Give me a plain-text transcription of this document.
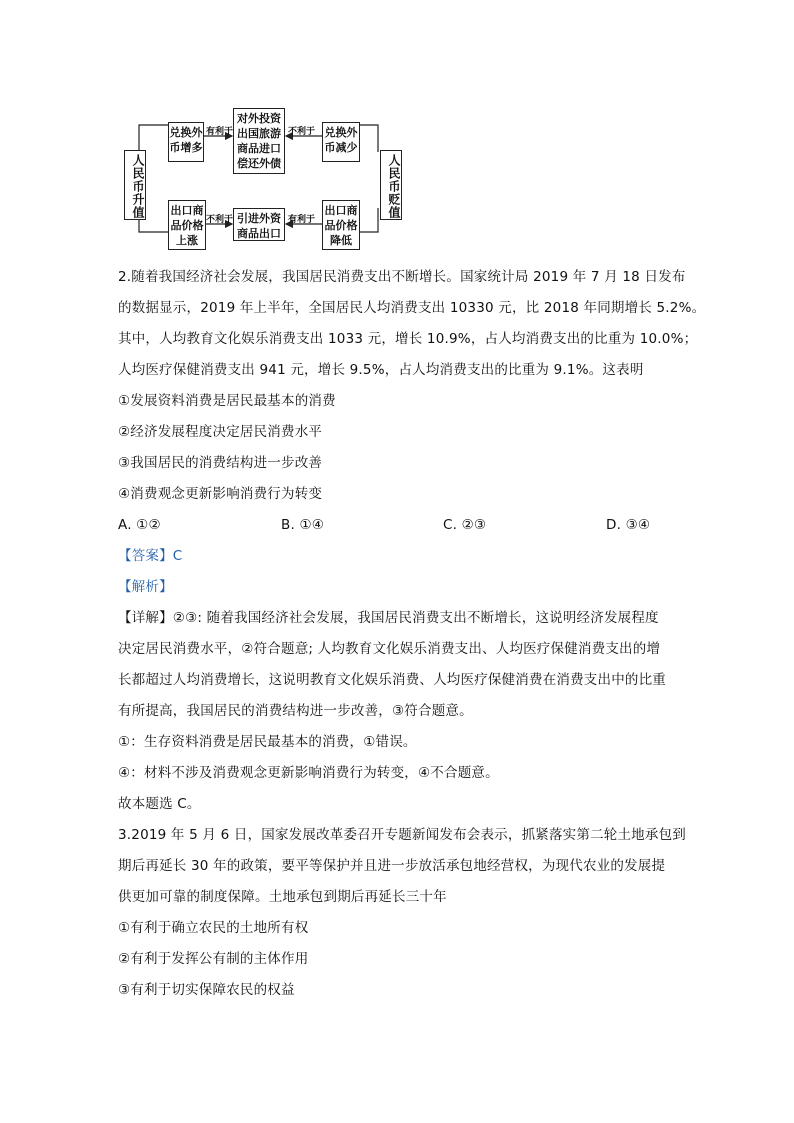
人民币升值	人民币贬值
兑换外币增多
对外投资出国旅游商品进口偿还外债
兑换外币减少
出口商品价格上涨
引进外资商品出口
出口商品价格降低
有利于	不利于
不利于	有利于
2.随着我国经济社会发展，我国居民消费支出不断增长。国家统计局 2019 年 7 月 18 日发布
的数据显示，2019 年上半年，全国居民人均消费支出 10330 元，比 2018 年同期增长 5.2%。
其中，人均教育文化娱乐消费支出 1033 元，增长 10.9%，占人均消费支出的比重为 10.0%；
人均医疗保健消费支出 941 元，增长 9.5%，占人均消费支出的比重为 9.1%。这表明
①发展资料消费是居民最基本的消费
②经济发展程度决定居民消费水平
③我国居民的消费结构进一步改善
④消费观念更新影响消费行为转变
A. ①②	B. ①④	C. ②③	D. ③④
【答案】C
【解析】
【详解】②③: 随着我国经济社会发展，我国居民消费支出不断增长，这说明经济发展程度
决定居民消费水平，②符合题意; 人均教育文化娱乐消费支出、人均医疗保健消费支出的增
长都超过人均消费增长，这说明教育文化娱乐消费、人均医疗保健消费在消费支出中的比重
有所提高，我国居民的消费结构进一步改善，③符合题意。
①：生存资料消费是居民最基本的消费，①错误。
④：材料不涉及消费观念更新影响消费行为转变，④不合题意。
故本题选 C。
3.2019 年 5 月 6 日，国家发展改革委召开专题新闻发布会表示，抓紧落实第二轮土地承包到
期后再延长 30 年的政策，要平等保护并且进一步放活承包地经营权，为现代农业的发展提
供更加可靠的制度保障。土地承包到期后再延长三十年
①有利于确立农民的土地所有权
②有利于发挥公有制的主体作用
③有利于切实保障农民的权益
